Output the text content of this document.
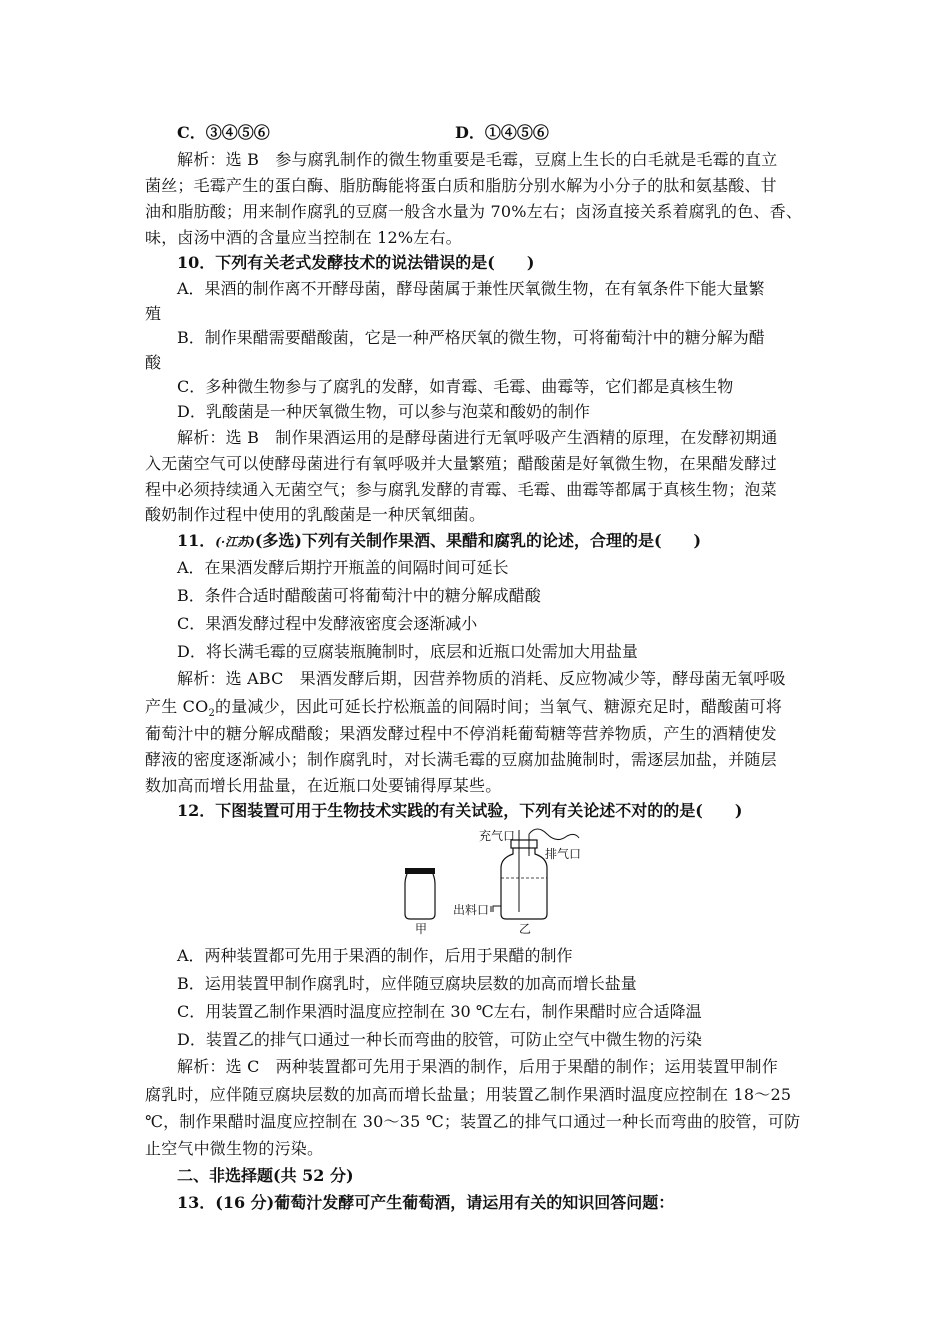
C．③④⑤⑥	D．①④⑤⑥
解析：选 B　参与腐乳制作的微生物重要是毛霉，豆腐上生长的白毛就是毛霉的直立
菌丝；毛霉产生的蛋白酶、脂肪酶能将蛋白质和脂肪分别水解为小分子的肽和氨基酸、甘
油和脂肪酸；用来制作腐乳的豆腐一般含水量为 70%左右；卤汤直接关系着腐乳的色、香、
味，卤汤中酒的含量应当控制在 12%左右。
10．下列有关老式发酵技术的说法错误的是(　　)
A．果酒的制作离不开酵母菌，酵母菌属于兼性厌氧微生物，在有氧条件下能大量繁
殖
B．制作果醋需要醋酸菌，它是一种严格厌氧的微生物，可将葡萄汁中的糖分解为醋
酸
C．多种微生物参与了腐乳的发酵，如青霉、毛霉、曲霉等，它们都是真核生物
D．乳酸菌是一种厌氧微生物，可以参与泡菜和酸奶的制作
解析：选 B　制作果酒运用的是酵母菌进行无氧呼吸产生酒精的原理，在发酵初期通
入无菌空气可以使酵母菌进行有氧呼吸并大量繁殖；醋酸菌是好氧微生物，在果醋发酵过
程中必须持续通入无菌空气；参与腐乳发酵的青霉、毛霉、曲霉等都属于真核生物；泡菜
酸奶制作过程中使用的乳酸菌是一种厌氧细菌。
11．(·江苏)(多选)下列有关制作果酒、果醋和腐乳的论述，合理的是(　　)
A．在果酒发酵后期拧开瓶盖的间隔时间可延长
B．条件合适时醋酸菌可将葡萄汁中的糖分解成醋酸
C．果酒发酵过程中发酵液密度会逐渐减小
D．将长满毛霉的豆腐装瓶腌制时，底层和近瓶口处需加大用盐量
解析：选 ABC　果酒发酵后期，因营养物质的消耗、反应物减少等，酵母菌无氧呼吸
产生 $CO_2$的量减少，因此可延长拧松瓶盖的间隔时间；当氧气、糖源充足时，醋酸菌可将
葡萄汁中的糖分解成醋酸；果酒发酵过程中不停消耗葡萄糖等营养物质，产生的酒精使发
酵液的密度逐渐减小；制作腐乳时，对长满毛霉的豆腐加盐腌制时，需逐层加盐，并随层
数加高而增长用盐量，在近瓶口处要铺得厚某些。
12．下图装置可用于生物技术实践的有关试验，下列有关论述不对的的是(　　)
甲
充气口
排气口
出料口
乙
A．两种装置都可先用于果酒的制作，后用于果醋的制作
B．运用装置甲制作腐乳时，应伴随豆腐块层数的加高而增长盐量
C．用装置乙制作果酒时温度应控制在 30 ℃左右，制作果醋时应合适降温
D．装置乙的排气口通过一种长而弯曲的胶管，可防止空气中微生物的污染
解析：选 C　两种装置都可先用于果酒的制作，后用于果醋的制作；运用装置甲制作
腐乳时，应伴随豆腐块层数的加高而增长盐量；用装置乙制作果酒时温度应控制在 18～25
℃，制作果醋时温度应控制在 30～35 ℃；装置乙的排气口通过一种长而弯曲的胶管，可防
止空气中微生物的污染。
二、非选择题(共 52 分)
13．(16 分)葡萄汁发酵可产生葡萄酒，请运用有关的知识回答问题：
